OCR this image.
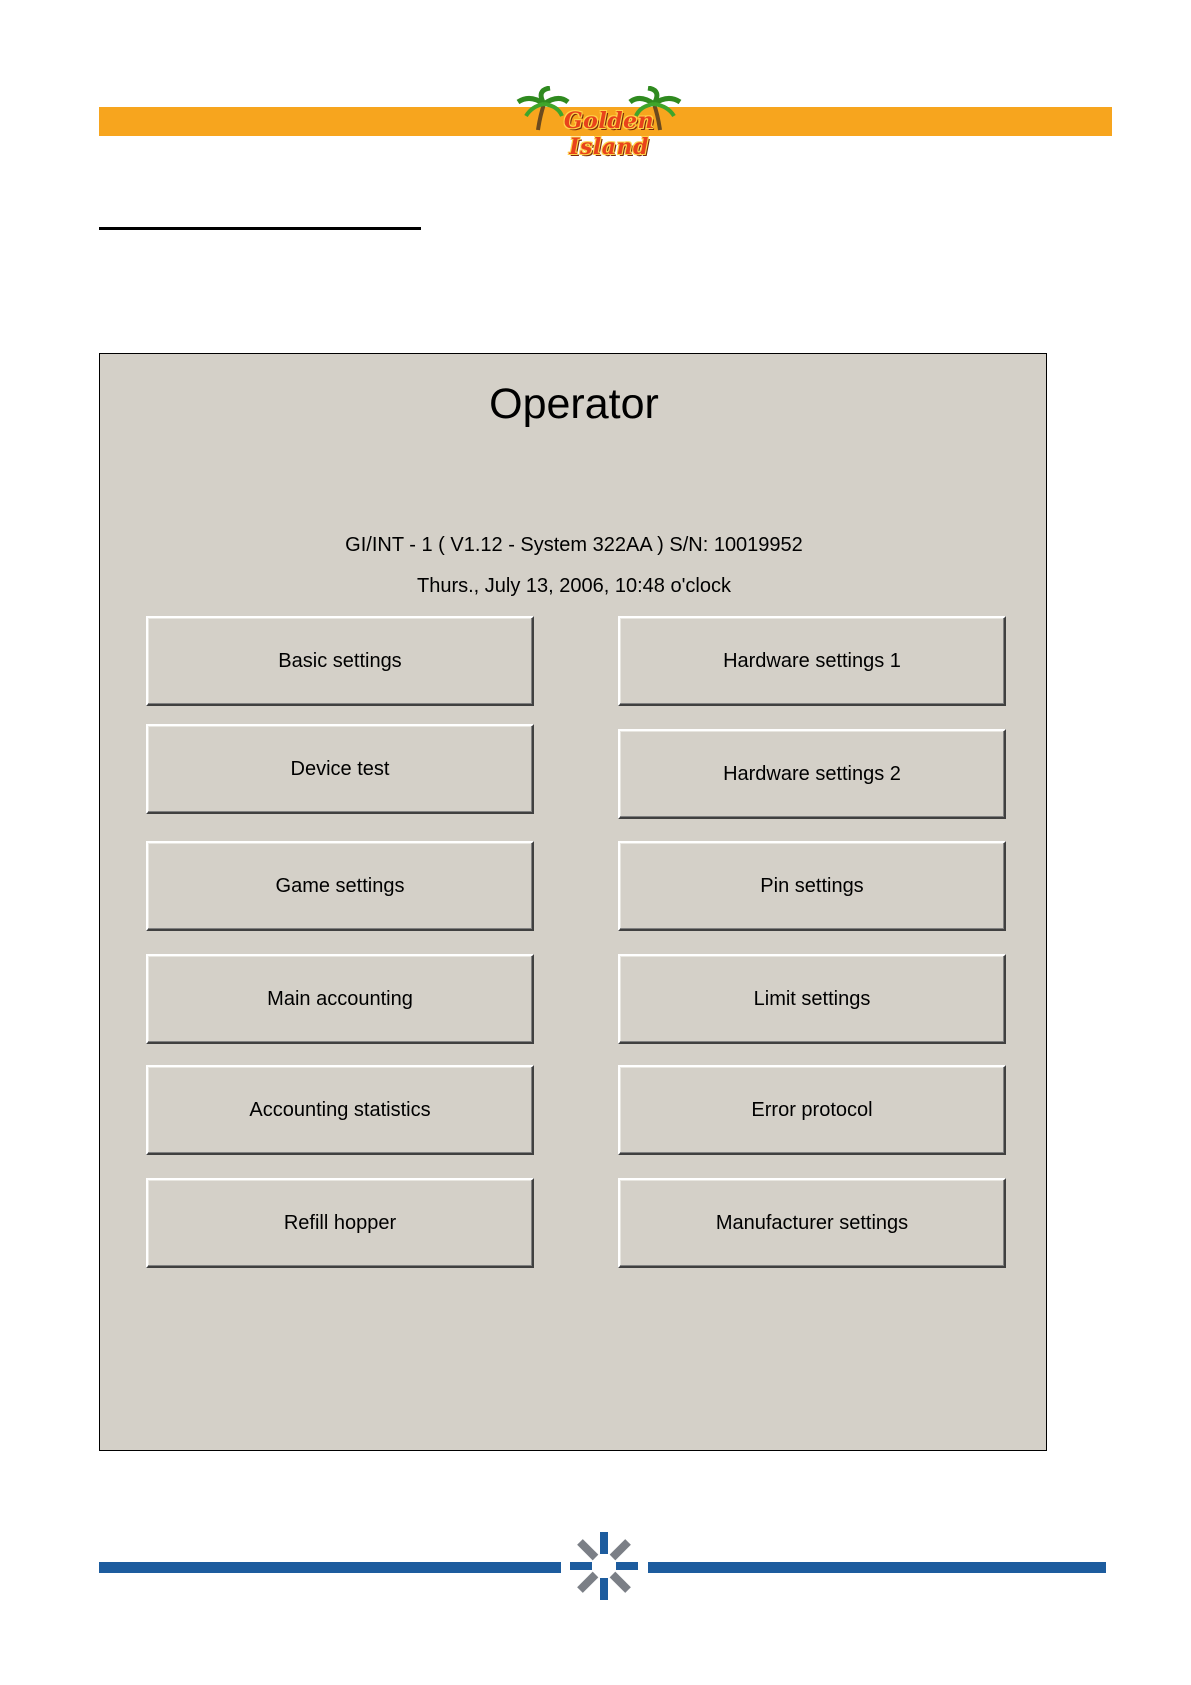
Golden Island
Operator
GI/INT - 1 ( V1.12 - System 322AA ) S/N: 10019952
Thurs., July 13, 2006, 10:48 o'clock
Basic settings	Hardware settings 1
Device test	Hardware settings 2
Game settings	Pin settings
Main accounting	Limit settings
Accounting statistics	Error protocol
Refill hopper	Manufacturer settings
